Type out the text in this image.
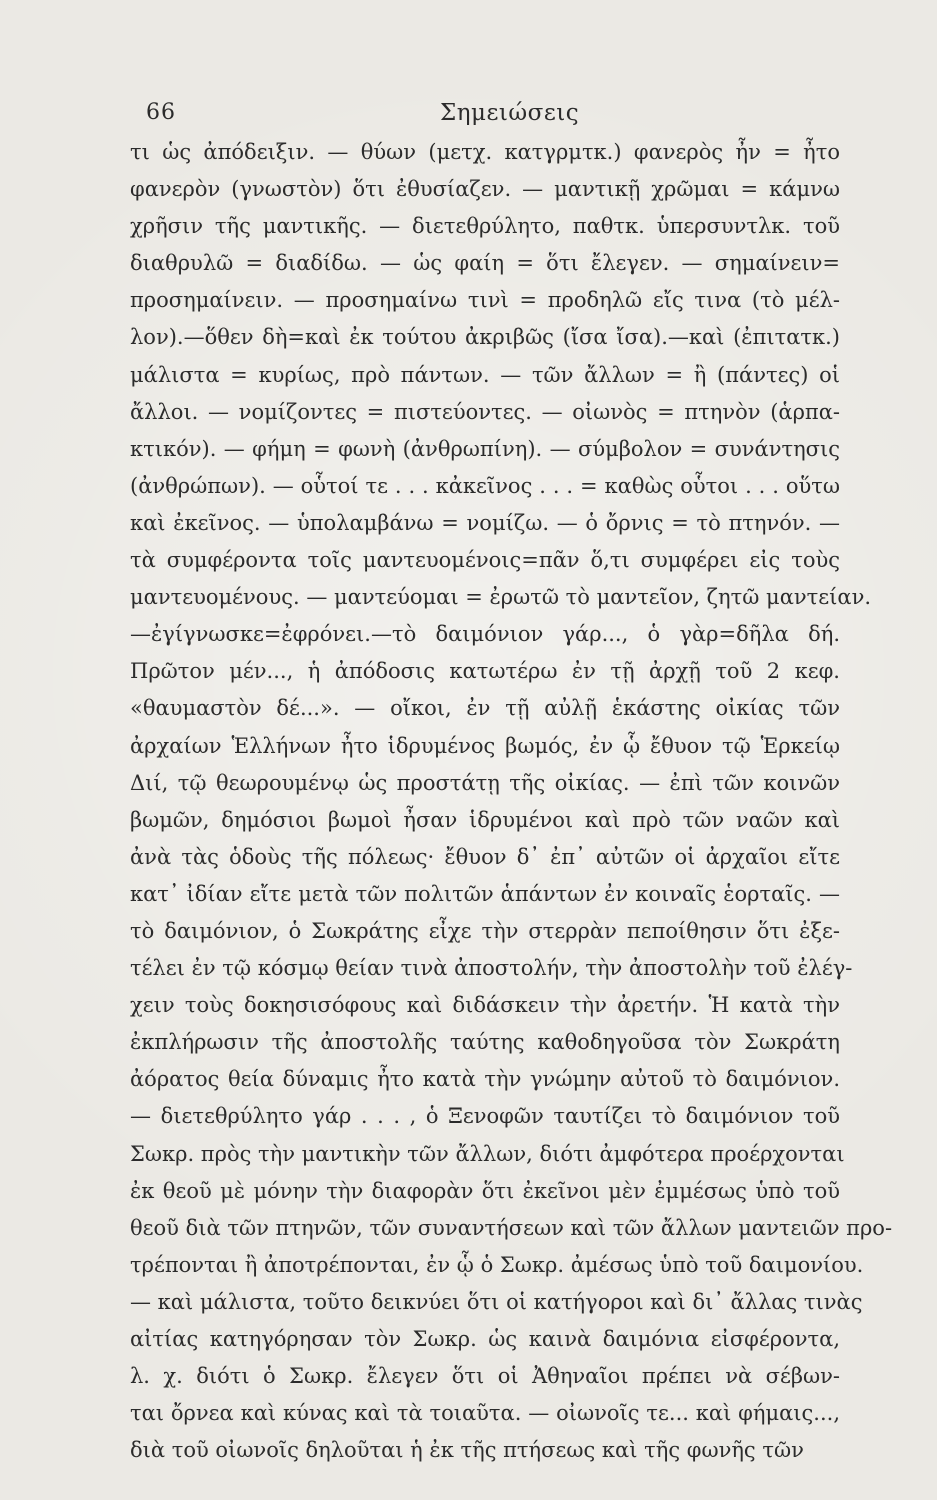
66	Σημειώσεις
τι ὡς ἀπόδειξιν. — θύων (μετχ. κατγρμτκ.) φανερὸς ἦν = ἦτο
φανερὸν (γνωστὸν) ὅτι ἐθυσίαζεν. — μαντικῇ χρῶμαι = κάμνω
χρῆσιν τῆς μαντικῆς. — διετεθρύλητο, παθτκ. ὑπερσυντλκ. τοῦ
διαθρυλῶ = διαδίδω. — ὡς φαίη = ὅτι ἔλεγεν. — σημαίνειν=
προσημαίνειν. — προσημαίνω τινὶ = προδηλῶ εἴς τινα (τὸ μέλ-
λον).—ὅθεν δὴ=καὶ ἐκ τούτου ἀκριβῶς (ἴσα ἴσα).—καὶ (ἐπιτατκ.)
μάλιστα = κυρίως, πρὸ πάντων. — τῶν ἄλλων = ἢ (πάντες) οἱ
ἄλλοι. — νομίζοντες = πιστεύοντες. — οἰωνὸς = πτηνὸν (ἁρπα-
κτικόν). — φήμη = φωνὴ (ἀνθρωπίνη). — σύμβολον = συνάντησις
(ἀνθρώπων). — οὗτοί τε . . . κἀκεῖνος . . . = καθὼς οὗτοι . . . οὕτω
καὶ ἐκεῖνος. — ὑπολαμβάνω = νομίζω. — ὁ ὄρνις = τὸ πτηνόν. —
τὰ συμφέροντα τοῖς μαντευομένοις=πᾶν ὅ,τι συμφέρει εἰς τοὺς
μαντευομένους. — μαντεύομαι = ἐρωτῶ τὸ μαντεῖον, ζητῶ μαντείαν.
—ἐγίγνωσκε=ἐφρόνει.—τὸ δαιμόνιον γάρ..., ὁ γὰρ=δῆλα δή.
Πρῶτον μέν..., ἡ ἀπόδοσις κατωτέρω ἐν τῇ ἀρχῇ τοῦ 2 κεφ.
«θαυμαστὸν δέ...». — οἴκοι, ἐν τῇ αὐλῇ ἑκάστης οἰκίας τῶν
ἀρχαίων Ἑλλήνων ἦτο ἱδρυμένος βωμός, ἐν ᾧ ἔθυον τῷ Ἑρκείῳ
Διί, τῷ θεωρουμένῳ ὡς προστάτῃ τῆς οἰκίας. — ἐπὶ τῶν κοινῶν
βωμῶν, δημόσιοι βωμοὶ ἦσαν ἱδρυμένοι καὶ πρὸ τῶν ναῶν καὶ
ἀνὰ τὰς ὁδοὺς τῆς πόλεως· ἔθυον δ᾽ ἐπ᾽ αὐτῶν οἱ ἀρχαῖοι εἴτε
κατ᾽ ἰδίαν εἴτε μετὰ τῶν πολιτῶν ἁπάντων ἐν κοιναῖς ἑορταῖς. —
τὸ δαιμόνιον, ὁ Σωκράτης εἶχε τὴν στερρὰν πεποίθησιν ὅτι ἐξε-
τέλει ἐν τῷ κόσμῳ θείαν τινὰ ἀποστολήν, τὴν ἀποστολὴν τοῦ ἐλέγ-
χειν τοὺς δοκησισόφους καὶ διδάσκειν τὴν ἀρετήν. Ἡ κατὰ τὴν
ἐκπλήρωσιν τῆς ἀποστολῆς ταύτης καθοδηγοῦσα τὸν Σωκράτη
ἀόρατος θεία δύναμις ἦτο κατὰ τὴν γνώμην αὐτοῦ τὸ δαιμόνιον.
— διετεθρύλητο γάρ . . . , ὁ Ξενοφῶν ταυτίζει τὸ δαιμόνιον τοῦ
Σωκρ. πρὸς τὴν μαντικὴν τῶν ἄλλων, διότι ἀμφότερα προέρχονται
ἐκ θεοῦ μὲ μόνην τὴν διαφορὰν ὅτι ἐκεῖνοι μὲν ἐμμέσως ὑπὸ τοῦ
θεοῦ διὰ τῶν πτηνῶν, τῶν συναντήσεων καὶ τῶν ἄλλων μαντειῶν προ-
τρέπονται ἢ ἀποτρέπονται, ἐν ᾧ ὁ Σωκρ. ἀμέσως ὑπὸ τοῦ δαιμονίου.
— καὶ μάλιστα, τοῦτο δεικνύει ὅτι οἱ κατήγοροι καὶ δι᾽ ἄλλας τινὰς
αἰτίας κατηγόρησαν τὸν Σωκρ. ὡς καινὰ δαιμόνια εἰσφέροντα,
λ. χ. διότι ὁ Σωκρ. ἔλεγεν ὅτι οἱ Ἀθηναῖοι πρέπει νὰ σέβων-
ται ὄρνεα καὶ κύνας καὶ τὰ τοιαῦτα. — οἰωνοῖς τε... καὶ φήμαις...,
διὰ τοῦ οἰωνοῖς δηλοῦται ἡ ἐκ τῆς πτήσεως καὶ τῆς φωνῆς τῶν
